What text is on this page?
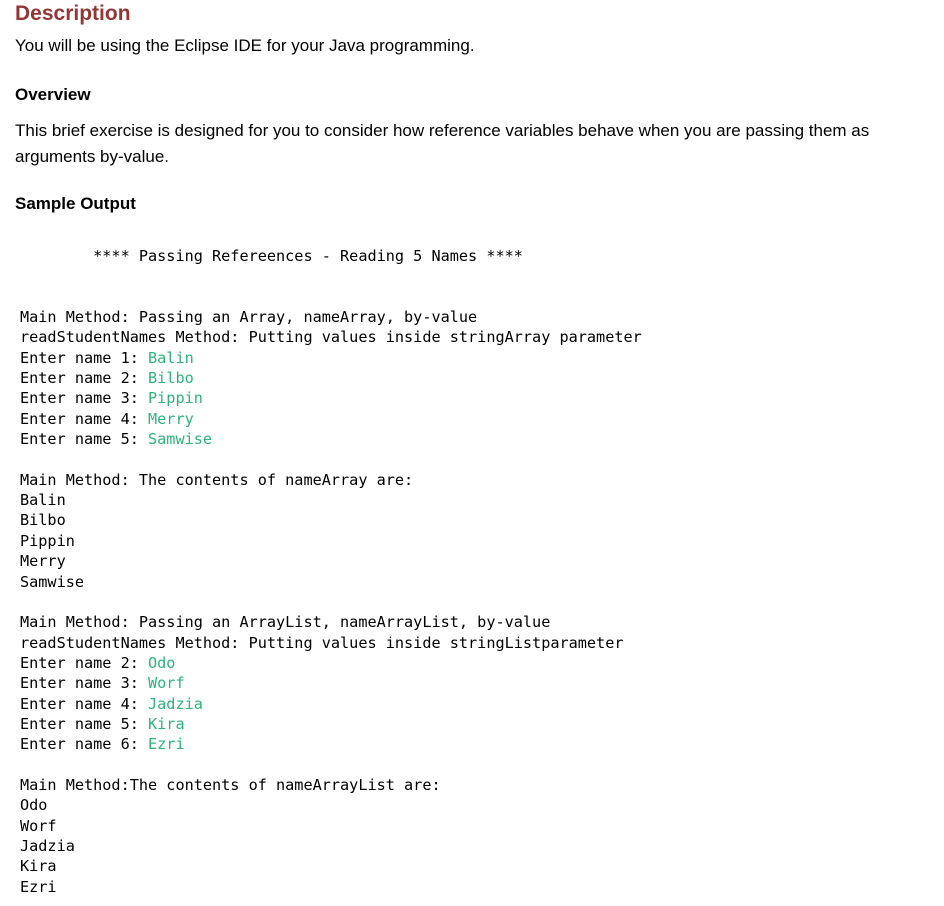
Description

You will be using the Eclipse IDE for your Java programming.

Overview

This brief exercise is designed for you to consider how reference variables behave when you are passing them as arguments by-value.

Sample Output
**** Passing Refereences - Reading 5 Names ****
Main Method: Passing an Array, nameArray, by-value
readStudentNames Method: Putting values inside stringArray parameter
Enter name 1: Balin
Enter name 2: Bilbo
Enter name 3: Pippin
Enter name 4: Merry
Enter name 5: Samwise
Main Method: The contents of nameArray are:
Balin
Bilbo
Pippin
Merry
Samwise
Main Method: Passing an ArrayList, nameArrayList, by-value
readStudentNames Method: Putting values inside stringListparameter
Enter name 2: Odo
Enter name 3: Worf
Enter name 4: Jadzia
Enter name 5: Kira
Enter name 6: Ezri
Main Method:The contents of nameArrayList are:
Odo
Worf
Jadzia
Kira
Ezri
